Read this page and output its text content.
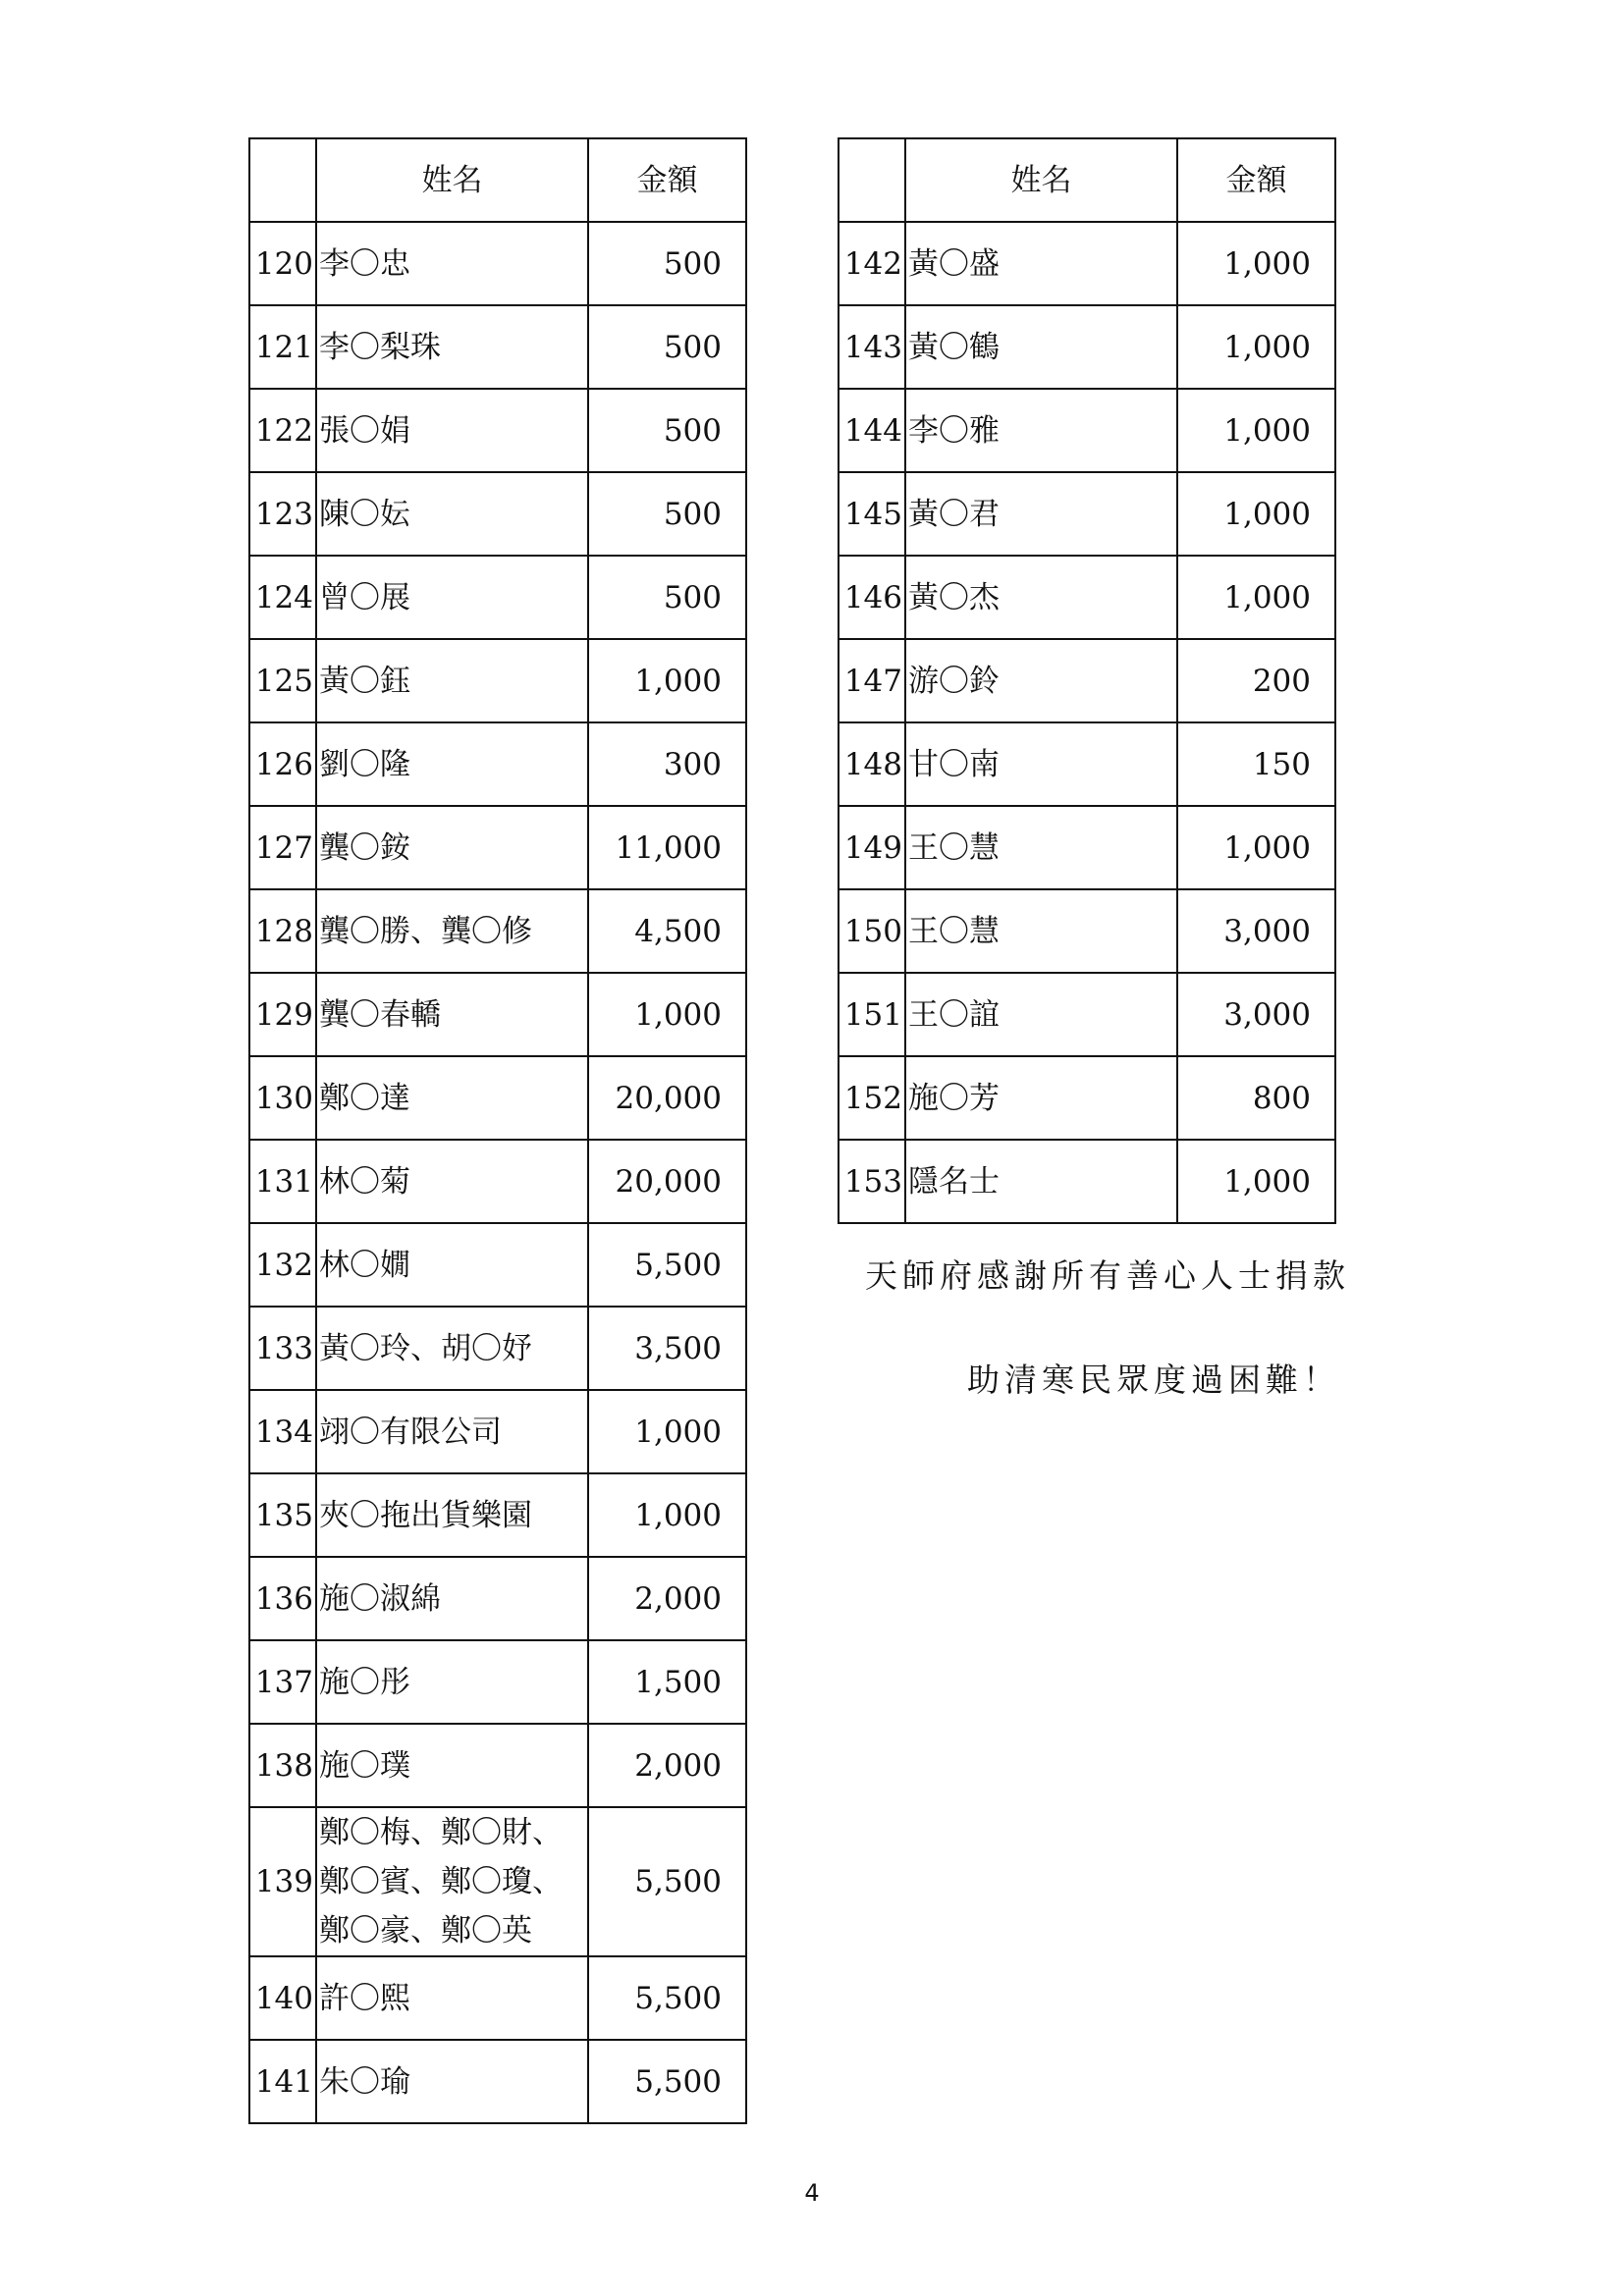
	姓名	金額
120	李〇忠	500
121	李〇梨珠	500
122	張〇娟	500
123	陳〇妘	500
124	曾〇展	500
125	黃〇鈺	1,000
126	劉〇隆	300
127	龔〇銨	11,000
128	龔〇勝、龔〇修	4,500
129	龔〇春轎	1,000
130	鄭〇達	20,000
131	林〇菊	20,000
132	林〇嫺	5,500
133	黃〇玲、胡〇妤	3,500
134	翊〇有限公司	1,000
135	夾〇拖出貨樂園	1,000
136	施〇淑綿	2,000
137	施〇彤	1,500
138	施〇璞	2,000
139	鄭〇梅、鄭〇財、
鄭〇賓、鄭〇瓊、
鄭〇豪、鄭〇英	5,500
140	許〇熙	5,500
141	朱〇瑜	5,500
	姓名	金額
142	黃〇盛	1,000
143	黃〇鶴	1,000
144	李〇雅	1,000
145	黃〇君	1,000
146	黃〇杰	1,000
147	游〇鈴	200
148	甘〇南	150
149	王〇慧	1,000
150	王〇慧	3,000
151	王〇誼	3,000
152	施〇芳	800
153	隱名士	1,000
天師府感謝所有善心人士捐款
助清寒民眾度過困難！
4
